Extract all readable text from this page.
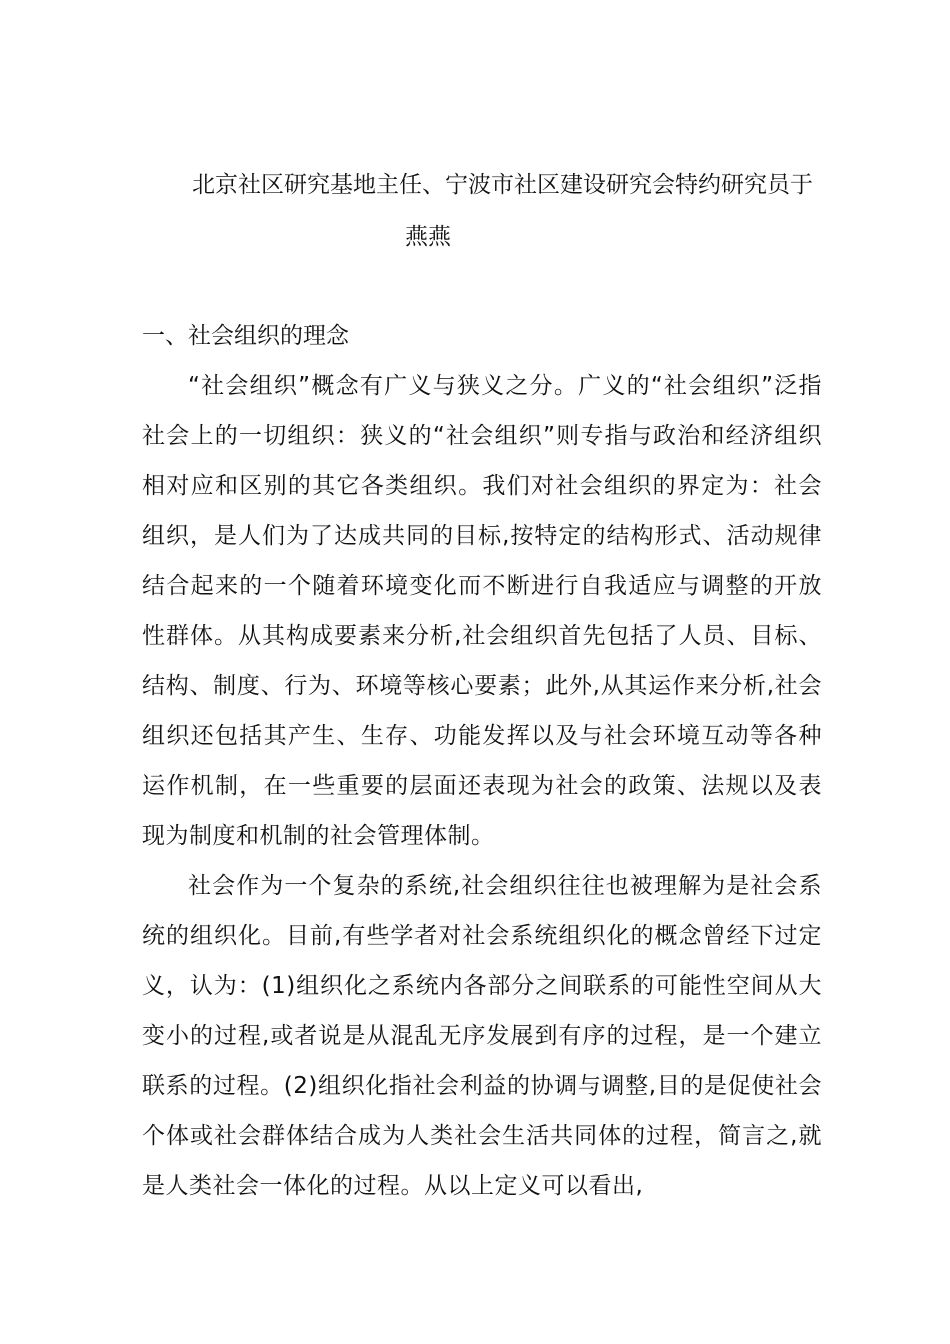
北京社区研究基地主任、宁波市社区建设研究会特约研究员于
燕燕
一、社会组织的理念

“社会组织”概念有广义与狭义之分。广义的“社会组织”泛指社会上的一切组织：狭义的“社会组织”则专指与政治和经济组织相对应和区别的其它各类组织。我们对社会组织的界定为：社会组织，是人们为了达成共同的目标,按特定的结构形式、活动规律结合起来的一个随着环境变化而不断进行自我适应与调整的开放性群体。从其构成要素来分析,社会组织首先包括了人员、目标、结构、制度、行为、环境等核心要素；此外,从其运作来分析,社会组织还包括其产生、生存、功能发挥以及与社会环境互动等各种运作机制，在一些重要的层面还表现为社会的政策、法规以及表现为制度和机制的社会管理体制。

社会作为一个复杂的系统,社会组织往往也被理解为是社会系统的组织化。目前,有些学者对社会系统组织化的概念曾经下过定义，认为：(1)组织化之系统内各部分之间联系的可能性空间从大变小的过程,或者说是从混乱无序发展到有序的过程，是一个建立联系的过程。(2)组织化指社会利益的协调与调整,目的是促使社会个体或社会群体结合成为人类社会生活共同体的过程，简言之,就是人类社会一体化的过程。从以上定义可以看出,
